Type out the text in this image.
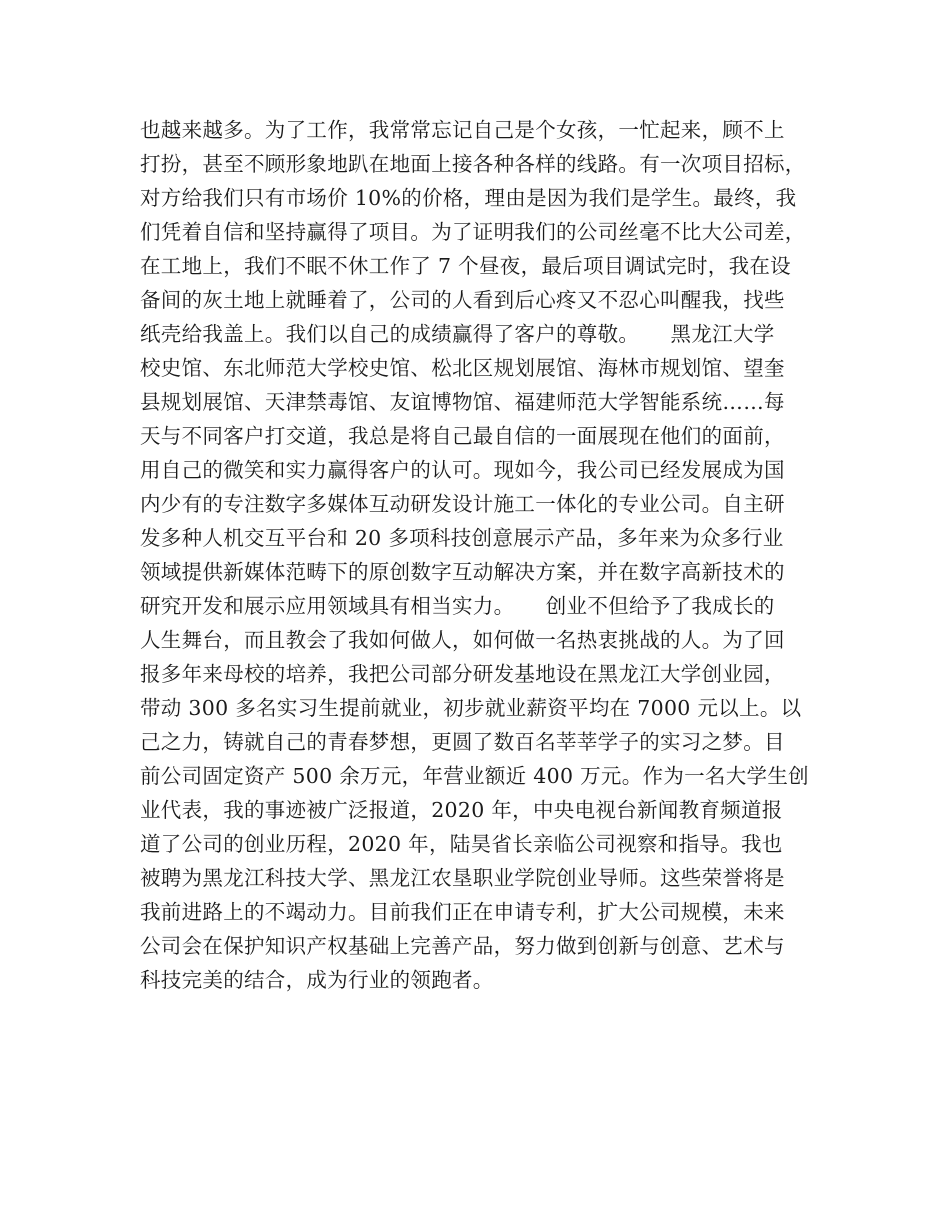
也越来越多。为了工作，我常常忘记自己是个女孩，一忙起来，顾不上
打扮，甚至不顾形象地趴在地面上接各种各样的线路。有一次项目招标，
对方给我们只有市场价 10%的价格，理由是因为我们是学生。最终，我
们凭着自信和坚持赢得了项目。为了证明我们的公司丝毫不比大公司差，
在工地上，我们不眠不休工作了 7 个昼夜，最后项目调试完时，我在设
备间的灰土地上就睡着了，公司的人看到后心疼又不忍心叫醒我，找些
纸壳给我盖上。我们以自己的成绩赢得了客户的尊敬。　　黑龙江大学
校史馆、东北师范大学校史馆、松北区规划展馆、海林市规划馆、望奎
县规划展馆、天津禁毒馆、友谊博物馆、福建师范大学智能系统……每
天与不同客户打交道，我总是将自己最自信的一面展现在他们的面前，
用自己的微笑和实力赢得客户的认可。现如今，我公司已经发展成为国
内少有的专注数字多媒体互动研发设计施工一体化的专业公司。自主研
发多种人机交互平台和 20 多项科技创意展示产品，多年来为众多行业
领域提供新媒体范畴下的原创数字互动解决方案，并在数字高新技术的
研究开发和展示应用领域具有相当实力。　　创业不但给予了我成长的
人生舞台，而且教会了我如何做人，如何做一名热衷挑战的人。为了回
报多年来母校的培养，我把公司部分研发基地设在黑龙江大学创业园，
带动 300 多名实习生提前就业，初步就业薪资平均在 7000 元以上。以
己之力，铸就自己的青春梦想，更圆了数百名莘莘学子的实习之梦。目
前公司固定资产 500 余万元，年营业额近 400 万元。作为一名大学生创
业代表，我的事迹被广泛报道，2020 年，中央电视台新闻教育频道报
道了公司的创业历程，2020 年，陆昊省长亲临公司视察和指导。我也
被聘为黑龙江科技大学、黑龙江农垦职业学院创业导师。这些荣誉将是
我前进路上的不竭动力。目前我们正在申请专利，扩大公司规模，未来
公司会在保护知识产权基础上完善产品，努力做到创新与创意、艺术与
科技完美的结合，成为行业的领跑者。
